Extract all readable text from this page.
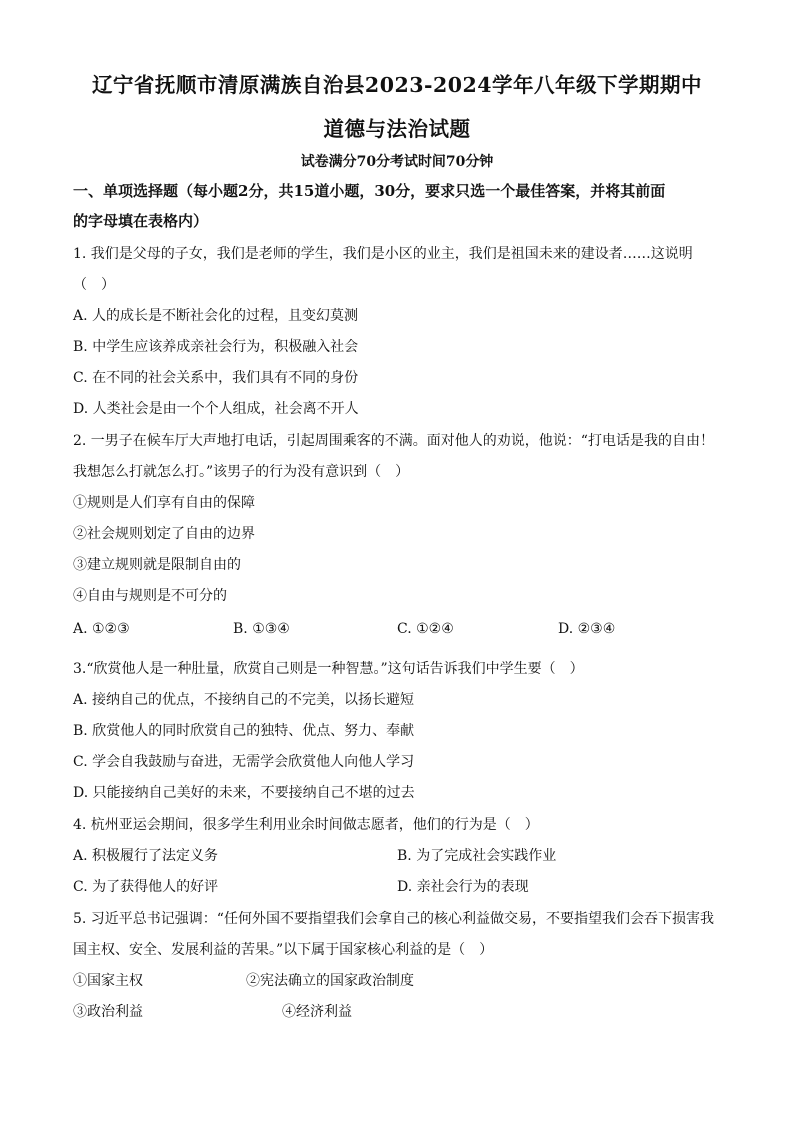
辽宁省抚顺市清原满族自治县2023-2024学年八年级下学期期中
道德与法治试题
试卷满分70分考试时间70分钟
一、单项选择题（每小题2分，共15道小题，30分，要求只选一个最佳答案，并将其前面
的字母填在表格内）
1. 我们是父母的子女，我们是老师的学生，我们是小区的业主，我们是祖国未来的建设者……这说明
（　）
A. 人的成长是不断社会化的过程，且变幻莫测
B. 中学生应该养成亲社会行为，积极融入社会
C. 在不同的社会关系中，我们具有不同的身份
D. 人类社会是由一个个人组成，社会离不开人
2. 一男子在候车厅大声地打电话，引起周围乘客的不满。面对他人的劝说，他说：“打电话是我的自由！
我想怎么打就怎么打。”该男子的行为没有意识到（　）
①规则是人们享有自由的保障
②社会规则划定了自由的边界
③建立规则就是限制自由的
④自由与规则是不可分的
A. ①②③	B. ①③④	C. ①②④	D. ②③④
3.“欣赏他人是一种肚量，欣赏自己则是一种智慧。”这句话告诉我们中学生要（　）
A. 接纳自己的优点，不接纳自己的不完美，以扬长避短
B. 欣赏他人的同时欣赏自己的独特、优点、努力、奉献
C. 学会自我鼓励与奋进，无需学会欣赏他人向他人学习
D. 只能接纳自己美好的未来，不要接纳自己不堪的过去
4. 杭州亚运会期间，很多学生利用业余时间做志愿者，他们的行为是（　）
A. 积极履行了法定义务	B. 为了完成社会实践作业
C. 为了获得他人的好评	D. 亲社会行为的表现
5. 习近平总书记强调：“任何外国不要指望我们会拿自己的核心利益做交易，不要指望我们会吞下损害我
国主权、安全、发展利益的苦果。”以下属于国家核心利益的是（　）
①国家主权	②宪法确立的国家政治制度
③政治利益	④经济利益
